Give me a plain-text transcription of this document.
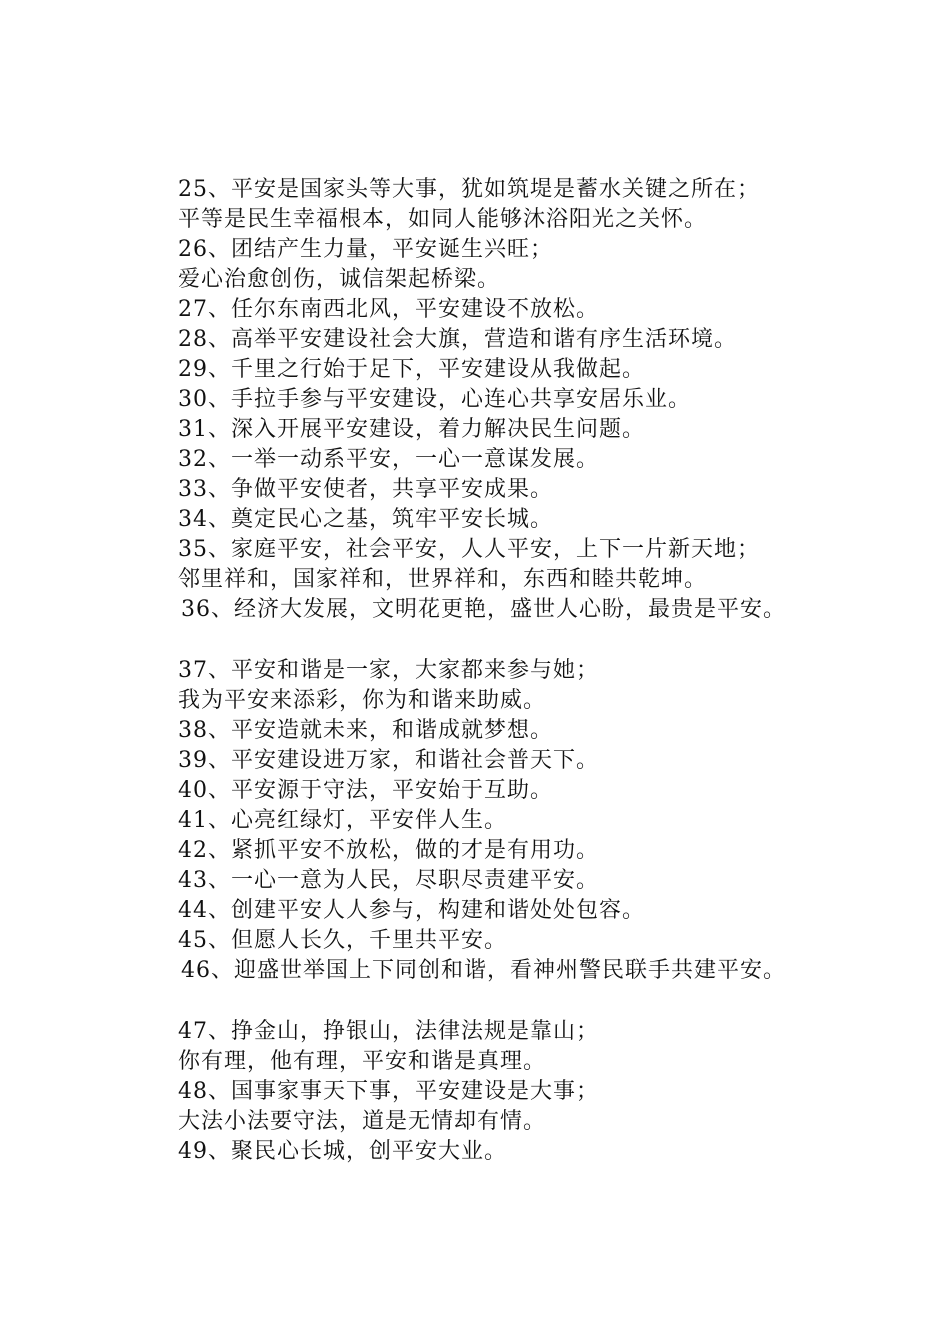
25、平安是国家头等大事，犹如筑堤是蓄水关键之所在；
平等是民生幸福根本，如同人能够沐浴阳光之关怀。
26、团结产生力量，平安诞生兴旺；
爱心治愈创伤，诚信架起桥梁。
27、任尔东南西北风，平安建设不放松。
28、高举平安建设社会大旗，营造和谐有序生活环境。
29、千里之行始于足下，平安建设从我做起。
30、手拉手参与平安建设，心连心共享安居乐业。
31、深入开展平安建设，着力解决民生问题。
32、一举一动系平安，一心一意谋发展。
33、争做平安使者，共享平安成果。
34、奠定民心之基，筑牢平安长城。
35、家庭平安，社会平安，人人平安，上下一片新天地；
邻里祥和，国家祥和，世界祥和，东西和睦共乾坤。
36、经济大发展，文明花更艳，盛世人心盼，最贵是平安。
37、平安和谐是一家，大家都来参与她；
我为平安来添彩，你为和谐来助威。
38、平安造就未来，和谐成就梦想。
39、平安建设进万家，和谐社会普天下。
40、平安源于守法，平安始于互助。
41、心亮红绿灯，平安伴人生。
42、紧抓平安不放松，做的才是有用功。
43、一心一意为人民，尽职尽责建平安。
44、创建平安人人参与，构建和谐处处包容。
45、但愿人长久，千里共平安。
46、迎盛世举国上下同创和谐，看神州警民联手共建平安。
47、挣金山，挣银山，法律法规是靠山；
你有理，他有理，平安和谐是真理。
48、国事家事天下事，平安建设是大事；
大法小法要守法，道是无情却有情。
49、聚民心长城，创平安大业。
